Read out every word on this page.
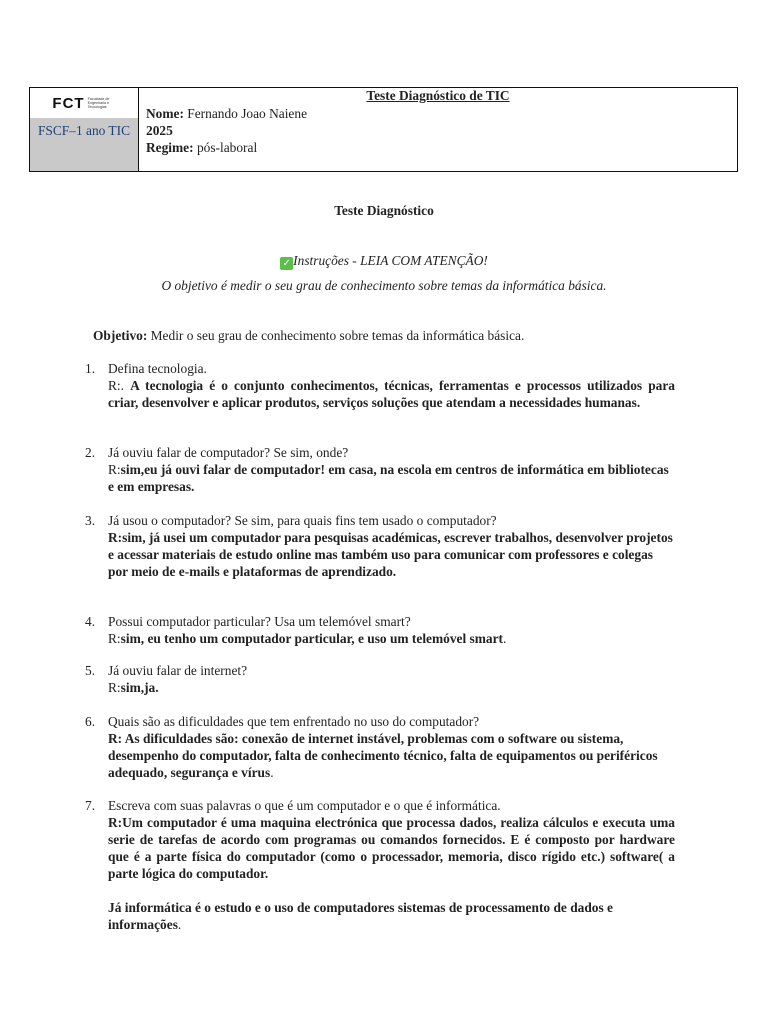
FCT Faculdade de Engenharia e Tecnologias
FSCF–1 ano TIC
Teste Diagnóstico de TIC
Nome: Fernando Joao Naiene
2025
Regime: pós-laboral
Teste Diagnóstico
✓ Instruções - LEIA COM ATENÇÃO!
O objetivo é medir o seu grau de conhecimento sobre temas da informática básica.
Objetivo: Medir o seu grau de conhecimento sobre temas da informática básica.
1. Defina tecnologia.
R:. A tecnologia é o conjunto conhecimentos, técnicas, ferramentas e processos utilizados para criar, desenvolver e aplicar produtos, serviços soluções que atendam a necessidades humanas.
2. Já ouviu falar de computador? Se sim, onde?
R:sim,eu já ouvi falar de computador! em casa, na escola em centros de informática em bibliotecas e em empresas.
3. Já usou o computador? Se sim, para quais fins tem usado o computador?
R:sim, já usei um computador para pesquisas académicas, escrever trabalhos, desenvolver projetos e acessar materiais de estudo online mas também uso para comunicar com professores e colegas por meio de e-mails e plataformas de aprendizado.
4. Possui computador particular? Usa um telemóvel smart?
R:sim, eu tenho um computador particular, e uso um telemóvel smart.
5. Já ouviu falar de internet?
R:sim,ja.
6. Quais são as dificuldades que tem enfrentado no uso do computador?
R: As dificuldades são: conexão de internet instável, problemas com o software ou sistema, desempenho do computador, falta de conhecimento técnico, falta de equipamentos ou periféricos adequado, segurança e vírus.
7. Escreva com suas palavras o que é um computador e o que é informática.
R:Um computador é uma maquina electrónica que processa dados, realiza cálculos e executa uma serie de tarefas de acordo com programas ou comandos fornecidos. E é composto por hardware que é a parte física do computador (como o processador, memoria, disco rígido etc.) software( a parte lógica do computador.
Já informática é o estudo e o uso de computadores sistemas de processamento de dados e informações.
